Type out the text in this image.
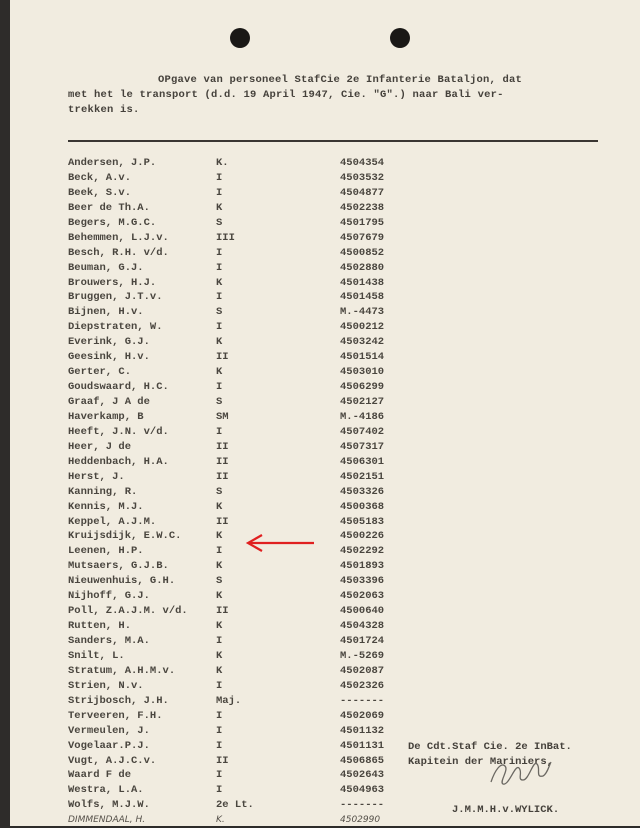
OPgave van personeel StafCie 2e Infanterie Bataljon, dat
met het le transport (d.d. 19 April 1947, Cie. "G".) naar Bali ver-
trekken is.
Andersen, J.P.	K.	4504354
Beck, A.v.	I	4503532
Beek, S.v.	I	4504877
Beer de Th.A.	K	4502238
Begers, M.G.C.	S	4501795
Behemmen, L.J.v.	III	4507679
Besch, R.H. v/d.	I	4500852
Beuman, G.J.	I	4502880
Brouwers, H.J.	K	4501438
Bruggen, J.T.v.	I	4501458
Bijnen, H.v.	S	M.-4473
Diepstraten, W.	I	4500212
Everink, G.J.	K	4503242
Geesink, H.v.	II	4501514
Gerter, C.	K	4503010
Goudswaard, H.C.	I	4506299
Graaf, J A de	S	4502127
Haverkamp, B	SM	M.-4186
Heeft, J.N. v/d.	I	4507402
Heer, J de	II	4507317
Heddenbach, H.A.	II	4506301
Herst, J.	II	4502151
Kanning, R.	S	4503326
Kennis, M.J.	K	4500368
Keppel, A.J.M.	II	4505183
Kruijsdijk, E.W.C.	K	4500226
Leenen, H.P.	I	4502292
Mutsaers, G.J.B.	K	4501893
Nieuwenhuis, G.H.	S	4503396
Nijhoff, G.J.	K	4502063
Poll, Z.A.J.M. v/d.	II	4500640
Rutten, H.	K	4504328
Sanders, M.A.	I	4501724
Snilt, L.	K	M.-5269
Stratum, A.H.M.v.	K	4502087
Strien, N.v.	I	4502326
Strijbosch, J.H.	Maj.	-------
Terveeren, F.H.	I	4502069
Vermeulen, J.	I	4501132
Vogelaar.P.J.	I	4501131
Vugt, A.J.C.v.	II	4506865
Waard F de	I	4502643
Westra, L.A.	I	4504963
Wolfs, M.J.W.	2e Lt.	-------
DIMMENDAAL, H.	K.	4502990
De Cdt.Staf Cie. 2e InBat.
Kapitein der Mariniers,
J.M.M.H.v.WYLICK.
